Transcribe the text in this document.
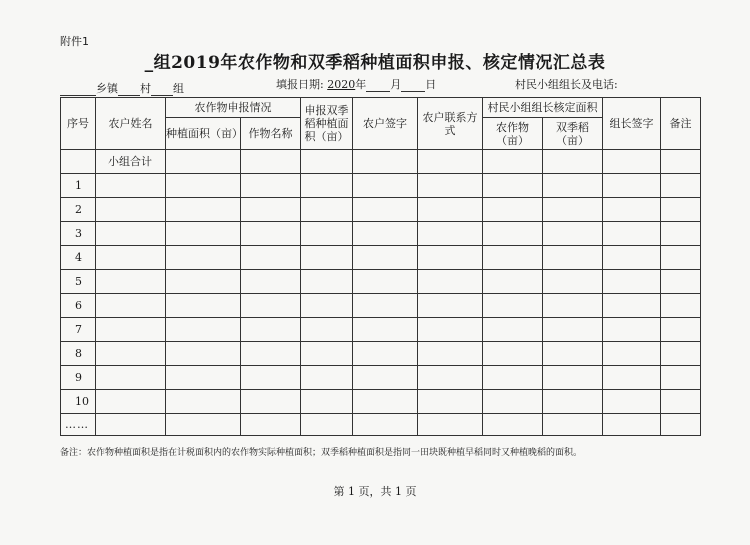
附件1
_组2019年农作物和双季稻种植面积申报、核定情况汇总表
乡镇 村 组	填报日期: 2020年 月 日	村民小组组长及电话:
序号	农户姓名	农作物申报情况		申报双季稻种植面积（亩）	农户签字	农户联系方式	村民小组组长核定面积		组长签字	备注
		种植面积（亩）	作物名称				农作物（亩）	双季稻（亩）		
	小组合计									
1										
2										
3										
4										
5										
6										
7										
8										
9										
10										
……										
备注：农作物种植面积是指在计税面积内的农作物实际种植面积；双季稻种植面积是指同一田块既种植早稻同时又种植晚稻的面积。
第 1 页，共 1 页
